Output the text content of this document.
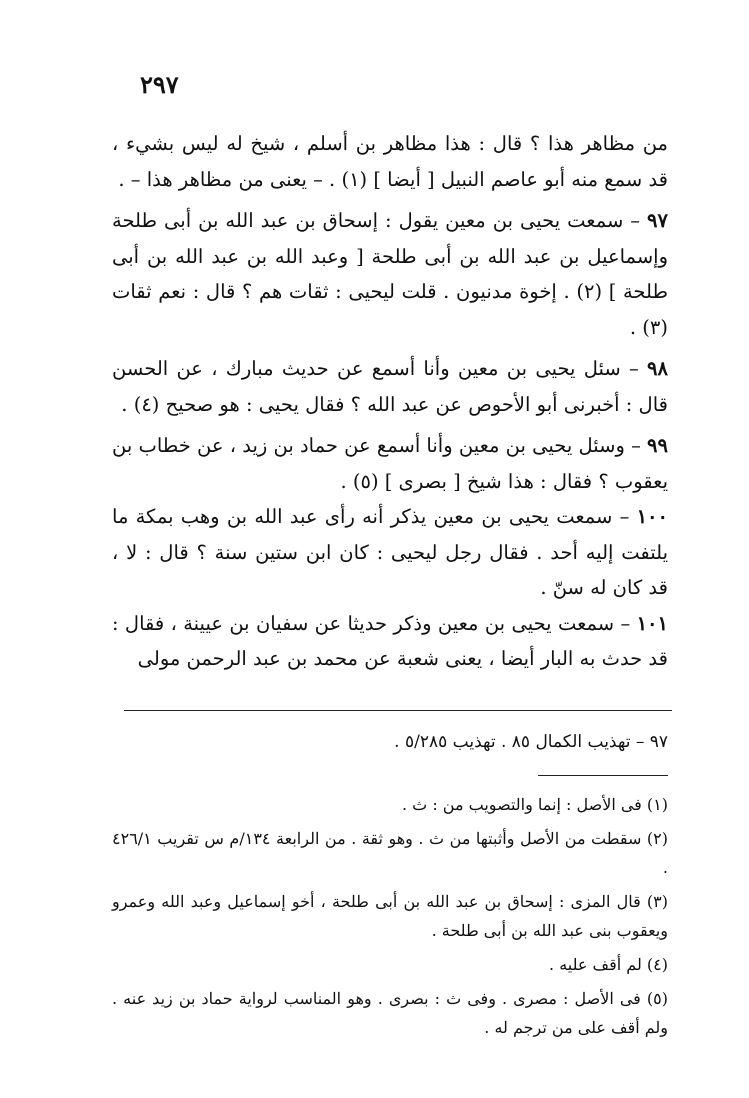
٢٩٧

من مظاهر هذا ؟ قال : هذا مظاهر بن أسلم ، شيخ له ليس بشيء ، قد سمع منه أبو عاصم النبيل [ أيضا ] (١) . – يعنى من مظاهر هذا – .

٩٧ – سمعت يحيى بن معين يقول : إسحاق بن عبد الله بن أبى طلحة وإسماعيل بن عبد الله بن أبى طلحة [ وعبد الله بن عبد الله بن أبى طلحة ] (٢) . إخوة مدنيون . قلت ليحيى : ثقات هم ؟ قال : نعم ثقات (٣) .

٩٨ – سئل يحيى بن معين وأنا أسمع عن حديث مبارك ، عن الحسن قال : أخبرنى أبو الأحوص عن عبد الله ؟ فقال يحيى : هو صحيح (٤) .

٩٩ – وسئل يحيى بن معين وأنا أسمع عن حماد بن زيد ، عن خطاب بن يعقوب ؟ فقال : هذا شيخ [ بصرى ] (٥) .

١٠٠ – سمعت يحيى بن معين يذكر أنه رأى عبد الله بن وهب بمكة ما يلتفت إليه أحد . فقال رجل ليحيى : كان ابن ستين سنة ؟ قال : لا ، قد كان له سنّ .

١٠١ – سمعت يحيى بن معين وذكر حديثا عن سفيان بن عيينة ، فقال : قد حدث به البار أيضا ، يعنى شعبة عن محمد بن عبد الرحمن مولى

٩٧ – تهذيب الكمال ٨٥ . تهذيب ٥/٢٨٥ .

(١) فى الأصل : إنما والتصويب من : ث .

(٢) سقطت من الأصل وأثبتها من ث . وهو ثقة . من الرابعة ١٣٤/م س تقريب ٤٢٦/١ .

(٣) قال المزى : إسحاق بن عبد الله بن أبى طلحة ، أخو إسماعيل وعبد الله وعمرو ويعقوب بنى عبد الله بن أبى طلحة .

(٤) لم أقف عليه .

(٥) فى الأصل : مصرى . وفى ث : بصرى . وهو المناسب لرواية حماد بن زيد عنه . ولم أقف على من ترجم له .
